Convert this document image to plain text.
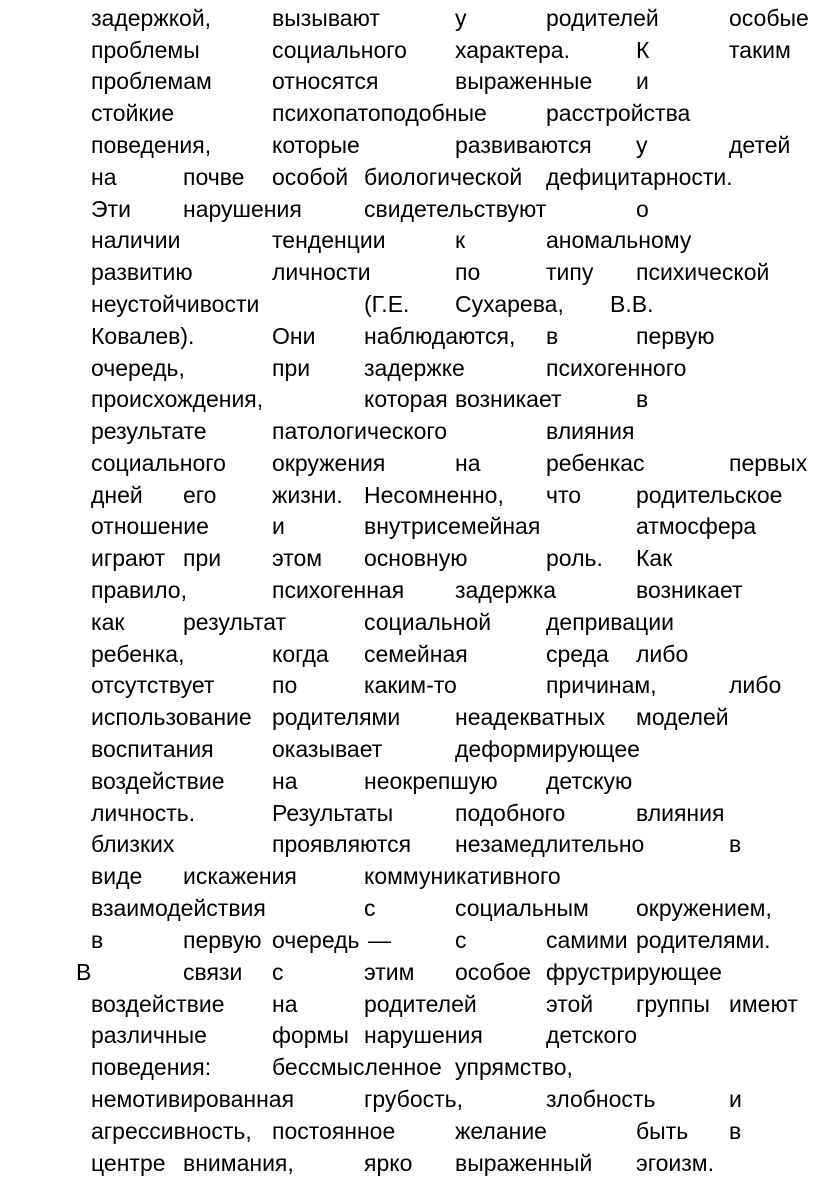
задержкой,	вызывают	у	родителей	особые
проблемы	социального характера.	К	таким
проблемам	относятся	выраженные и
стойкие	психопатоподобные	расстройства
поведения,	которые	развиваются у	детей
на	почве особой биологической дефицитарности.
Эти нарушения	свидетельствуют	о
наличии	тенденции	к	аномальному
развитию	личности	по	типу психической
неустойчивости	(Г.Е. Сухарева, В.В.
Ковалев).	Они наблюдаются, в	первую
очередь,	при задержке	психогенного
происхождения,	которая возникает	в
результате	патологического	влияния
социального окружения	на	ребенка с	первых
дней его жизни. Несомненно, что родительское
отношение	и	внутрисемейная	атмосфера
играют при этом основную	роль. Как
правило,	психогенная задержка	возникает
как	результат	социальной депривации
ребенка,	когда семейная	среда либо
отсутствует	по	каким-то	причинам,	либо
использование родителями неадекватных моделей
воспитания	оказывает	деформирующее
воздействие на	неокрепшую детскую
личность.	Результаты	подобного	влияния
близких	проявляются незамедлительно	в
виде искажения	коммуникативного
взаимодействия	с	социальным окружением,
в	первую очередь —	с	самими родителями.
В	связи с	этим особое фрустрирующее
воздействие на	родителей	этой группы имеют
различные	формы нарушения	детского
поведения:	бессмысленное упрямство,
немотивированная	грубость,	злобность	и
агрессивность, постоянное	желание	быть в
центре внимания,	ярко выраженный эгоизм.
